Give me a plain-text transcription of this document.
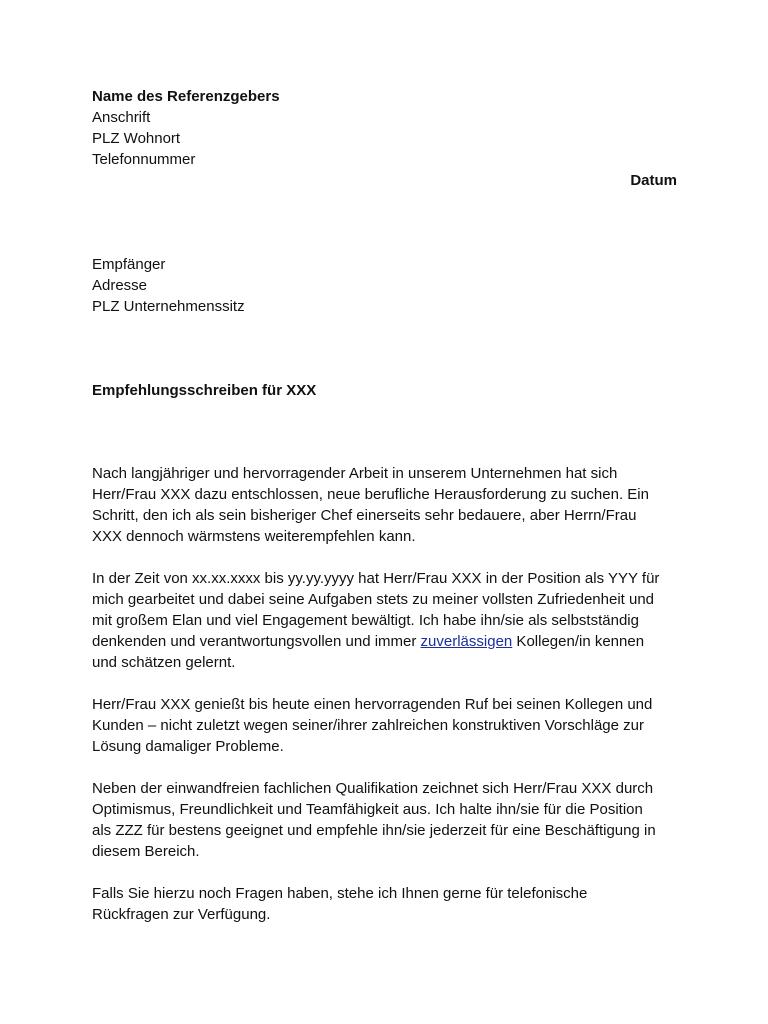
Name des Referenzgebers
Anschrift
PLZ Wohnort
Telefonnummer
Datum
Empfänger
Adresse
PLZ Unternehmenssitz
Empfehlungsschreiben für XXX
Nach langjähriger und hervorragender Arbeit in unserem Unternehmen hat sich
Herr/Frau XXX dazu entschlossen, neue berufliche Herausforderung zu suchen. Ein
Schritt, den ich als sein bisheriger Chef einerseits sehr bedauere, aber Herrn/Frau
XXX dennoch wärmstens weiterempfehlen kann.
In der Zeit von xx.xx.xxxx bis yy.yy.yyyy hat Herr/Frau XXX in der Position als YYY für
mich gearbeitet und dabei seine Aufgaben stets zu meiner vollsten Zufriedenheit und
mit großem Elan und viel Engagement bewältigt. Ich habe ihn/sie als selbstständig
denkenden und verantwortungsvollen und immer zuverlässigen Kollegen/in kennen
und schätzen gelernt.
Herr/Frau XXX genießt bis heute einen hervorragenden Ruf bei seinen Kollegen und
Kunden – nicht zuletzt wegen seiner/ihrer zahlreichen konstruktiven Vorschläge zur
Lösung damaliger Probleme.
Neben der einwandfreien fachlichen Qualifikation zeichnet sich Herr/Frau XXX durch
Optimismus, Freundlichkeit und Teamfähigkeit aus. Ich halte ihn/sie für die Position
als ZZZ für bestens geeignet und empfehle ihn/sie jederzeit für eine Beschäftigung in
diesem Bereich.
Falls Sie hierzu noch Fragen haben, stehe ich Ihnen gerne für telefonische
Rückfragen zur Verfügung.
